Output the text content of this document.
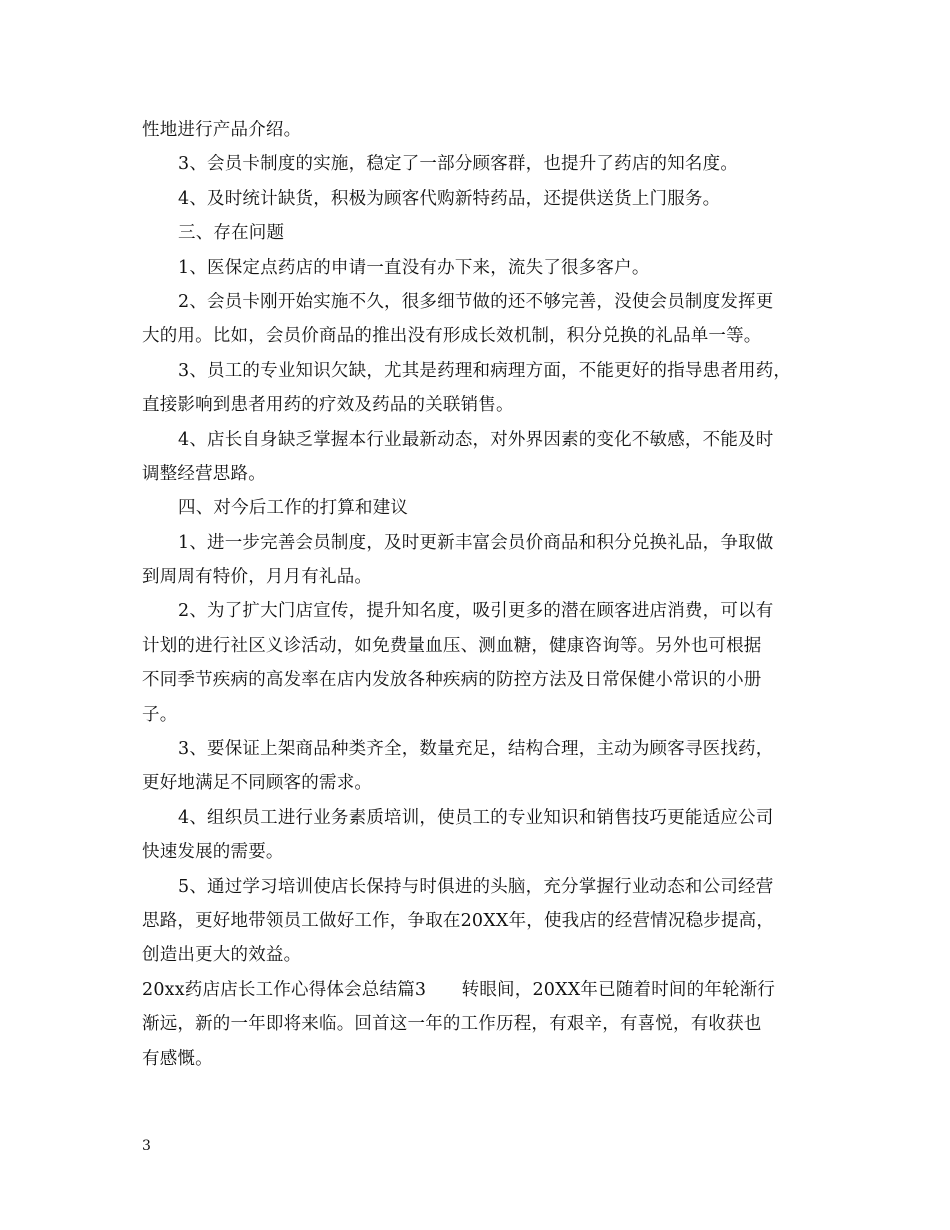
性地进行产品介绍。
3、会员卡制度的实施，稳定了一部分顾客群，也提升了药店的知名度。
4、及时统计缺货，积极为顾客代购新特药品，还提供送货上门服务。
三、存在问题
1、医保定点药店的申请一直没有办下来，流失了很多客户。
2、会员卡刚开始实施不久，很多细节做的还不够完善，没使会员制度发挥更
大的用。比如，会员价商品的推出没有形成长效机制，积分兑换的礼品单一等。
3、员工的专业知识欠缺，尤其是药理和病理方面，不能更好的指导患者用药，
直接影响到患者用药的疗效及药品的关联销售。
4、店长自身缺乏掌握本行业最新动态，对外界因素的变化不敏感，不能及时
调整经营思路。
四、对今后工作的打算和建议
1、进一步完善会员制度，及时更新丰富会员价商品和积分兑换礼品，争取做
到周周有特价，月月有礼品。
2、为了扩大门店宣传，提升知名度，吸引更多的潜在顾客进店消费，可以有
计划的进行社区义诊活动，如免费量血压、测血糖，健康咨询等。另外也可根据
不同季节疾病的高发率在店内发放各种疾病的防控方法及日常保健小常识的小册
子。
3、要保证上架商品种类齐全，数量充足，结构合理，主动为顾客寻医找药，
更好地满足不同顾客的需求。
4、组织员工进行业务素质培训，使员工的专业知识和销售技巧更能适应公司
快速发展的需要。
5、通过学习培训使店长保持与时俱进的头脑，充分掌握行业动态和公司经营
思路，更好地带领员工做好工作，争取在20XX年，使我店的经营情况稳步提高，
创造出更大的效益。
20xx药店店长工作心得体会总结篇3　　转眼间，20XX年已随着时间的年轮渐行
渐远，新的一年即将来临。回首这一年的工作历程，有艰辛，有喜悦，有收获也
有感慨。
3
